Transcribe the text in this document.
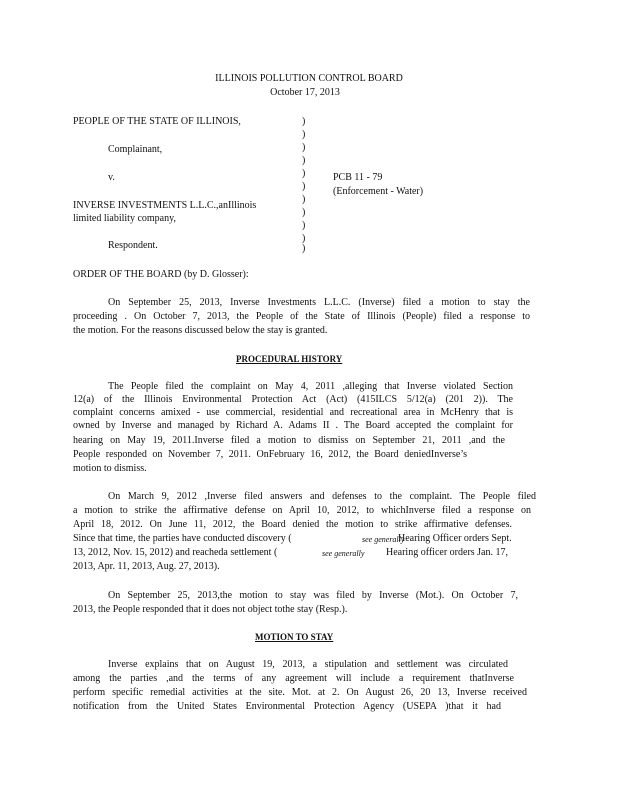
ILLINOIS POLLUTION CONTROL BOARD
October 17, 2013
PEOPLE OF THE STATE OF ILLINOIS,
Complainant,
v.
INVERSE INVESTMENTS L.L.C.,anIllinois
limited liability company,
Respondent.
)
)
)
)
)
)
)
)
)
)
)
PCB 11 - 79
(Enforcement - Water)
ORDER OF THE BOARD (by D. Glosser):
On September 25, 2013, Inverse Investments L.L.C. (Inverse) filed a motion to stay the
proceeding . On October 7, 2013, the People of the State of Illinois (People) filed a response to
the motion. For the reasons discussed below the stay is granted.
PROCEDURAL HISTORY
The People filed the complaint on May 4, 2011 ,alleging that Inverse violated Section
12(a) of the Illinois Environmental Protection Act (Act) (415ILCS 5/12(a) (201 2)). The
complaint concerns amixed - use commercial, residential and recreational area in McHenry that is
owned by Inverse and managed by Richard A. Adams II . The Board accepted the complaint for
hearing on May 19, 2011.Inverse filed a motion to dismiss on September 21, 2011 ,and the
People responded on November 7, 2011. OnFebruary 16, 2012, the Board deniedInverse’s
motion to dismiss.
On March 9, 2012 ,Inverse filed answers and defenses to the complaint. The People filed
a motion to strike the affirmative defense on April 10, 2012, to whichInverse filed a response on
April 18, 2012. On June 11, 2012, the Board denied the motion to strike affirmative defenses.
Since that time, the parties have conducted discovery (	see generally
Hearing Officer orders Sept.
13, 2012, Nov. 15, 2012) and reacheda settlement (	see generally Hearing officer orders Jan. 17,
2013, Apr. 11, 2013, Aug. 27, 2013).
On September 25, 2013,the motion to stay was filed by Inverse (Mot.). On October 7,
2013, the People responded that it does not object tothe stay (Resp.).
MOTION TO STAY
Inverse explains that on August 19, 2013, a stipulation and settlement was circulated
among the parties ,and the terms of any agreement will include a requirement thatInverse
perform specific remedial activities at the site. Mot. at 2. On August 26, 20 13, Inverse received
notification from the United States Environmental Protection Agency (USEPA )that it had
